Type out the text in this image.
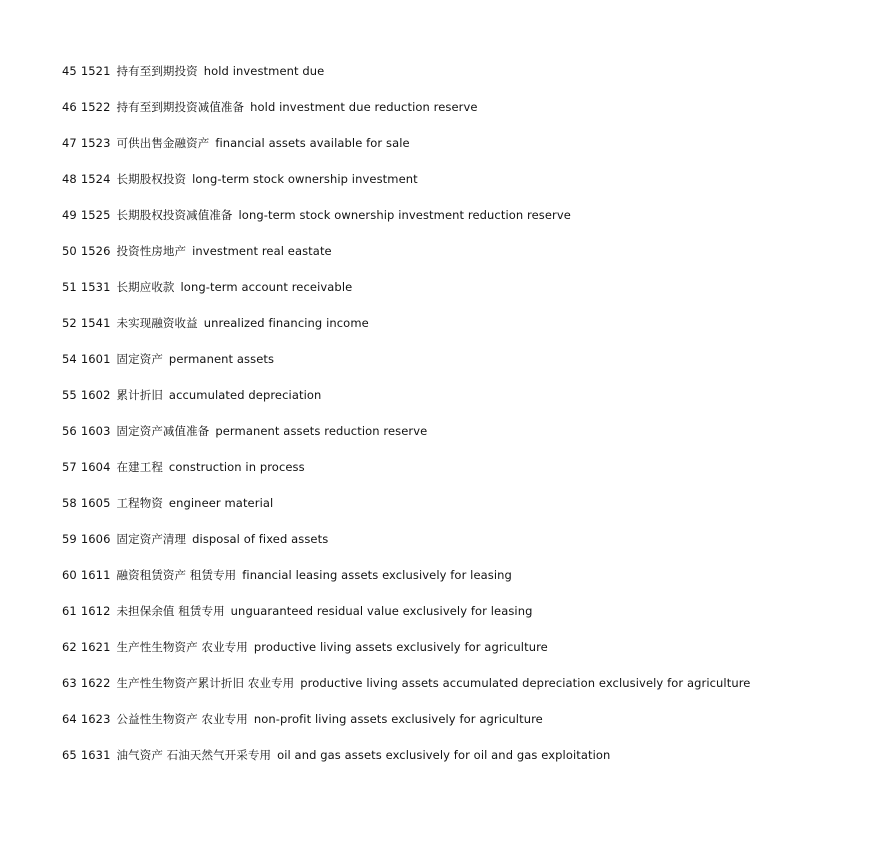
45 1521 持有至到期投资 hold investment due
46 1522 持有至到期投资减值准备 hold investment due reduction reserve
47 1523 可供出售金融资产 financial assets available for sale
48 1524 长期股权投资 long-term stock ownership investment
49 1525 长期股权投资减值准备 long-term stock ownership investment reduction reserve
50 1526 投资性房地产 investment real eastate
51 1531 长期应收款 long-term account receivable
52 1541 未实现融资收益 unrealized financing income
54 1601 固定资产 permanent assets
55 1602 累计折旧 accumulated depreciation
56 1603 固定资产减值准备 permanent assets reduction reserve
57 1604 在建工程 construction in process
58 1605 工程物资 engineer material
59 1606 固定资产清理 disposal of fixed assets
60 1611 融资租赁资产 租赁专用 financial leasing assets exclusively for leasing
61 1612 未担保余值 租赁专用 unguaranteed residual value exclusively for leasing
62 1621 生产性生物资产 农业专用 productive living assets exclusively for agriculture
63 1622 生产性生物资产累计折旧 农业专用 productive living assets accumulated depreciation exclusively for agriculture
64 1623 公益性生物资产 农业专用 non-profit living assets exclusively for agriculture
65 1631 油气资产 石油天然气开采专用 oil and gas assets exclusively for oil and gas exploitation
